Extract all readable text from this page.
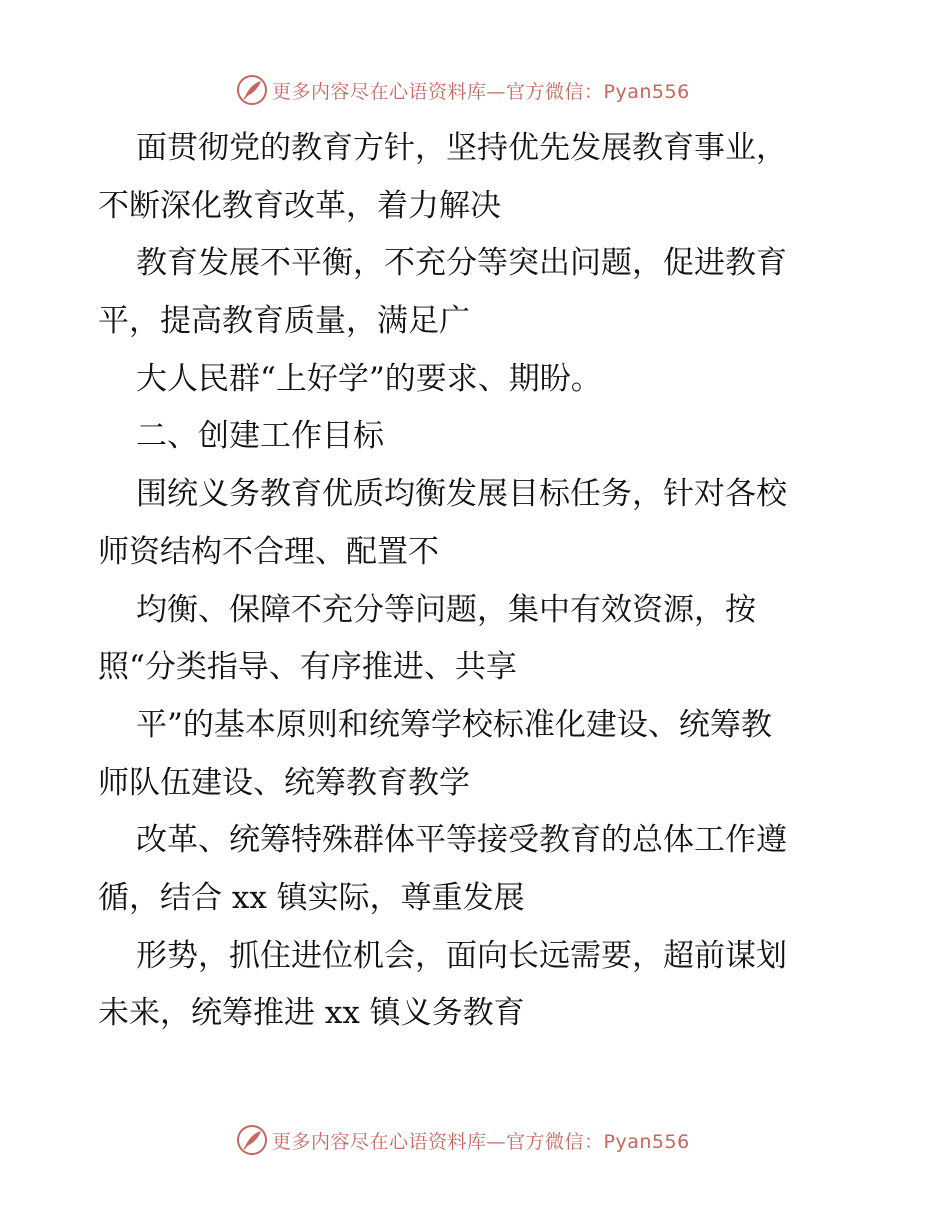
更多内容尽在心语资料库—官方微信：Pyan556
面贯彻党的教育方针，坚持优先发展教育事业，
不断深化教育改革，着力解决
教育发展不平衡，不充分等突出问题，促进教育
平，提高教育质量，满足广
大人民群“上好学”的要求、期盼。
二、创建工作目标
围统义务教育优质均衡发展目标任务，针对各校
师资结构不合理、配置不
均衡、保障不充分等问题，集中有效资源，按
照“分类指导、有序推进、共享
平”的基本原则和统筹学校标准化建设、统筹教
师队伍建设、统筹教育教学
改革、统筹特殊群体平等接受教育的总体工作遵
循，结合 xx 镇实际，尊重发展
形势，抓住进位机会，面向长远需要，超前谋划
未来，统筹推进 xx 镇义务教育
更多内容尽在心语资料库—官方微信：Pyan556
